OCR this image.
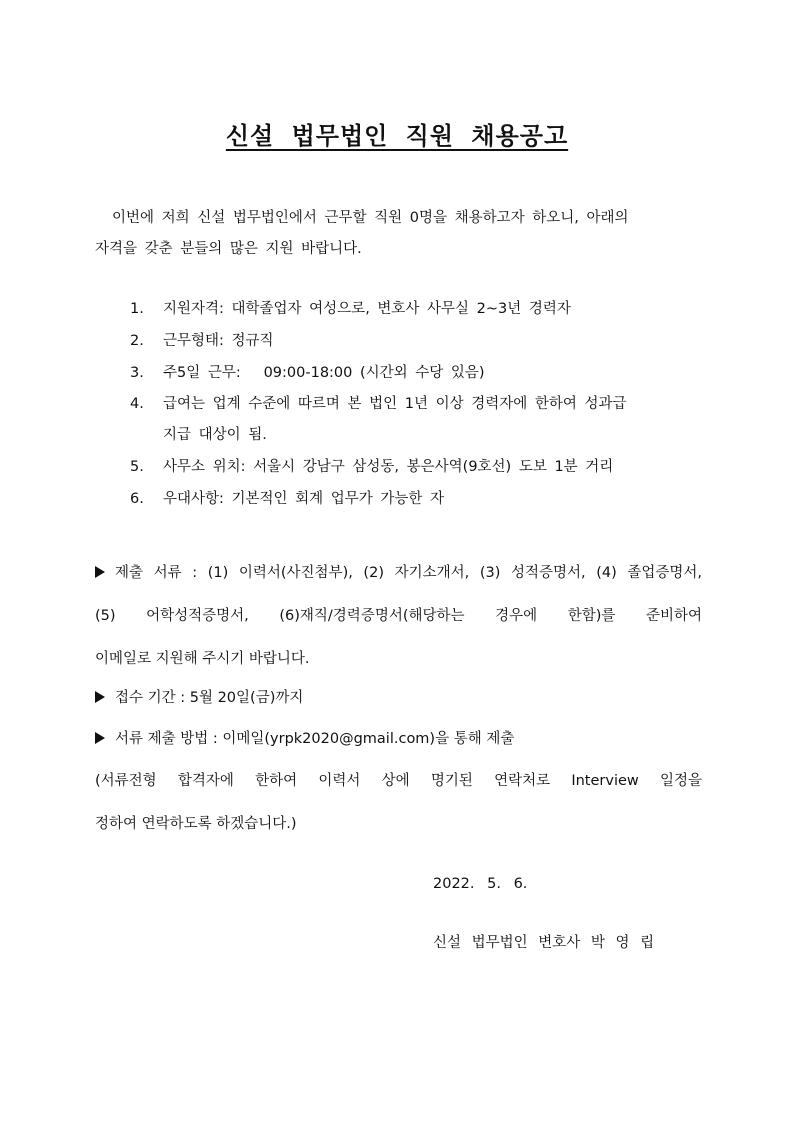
신설 법무법인 직원 채용공고
이번에 저희 신설 법무법인에서 근무할 직원 0명을 채용하고자 하오니, 아래의
자격을 갖춘 분들의 많은 지원 바랍니다.
1.	지원자격: 대학졸업자 여성으로, 변호사 사무실 2~3년 경력자
2.	근무형태: 정규직
3.	주5일 근무:   09:00-18:00 (시간외 수당 있음)
4.	급여는 업계 수준에 따르며 본 법인 1년 이상 경력자에 한하여 성과급
지급 대상이 됨.
5.	사무소 위치: 서울시 강남구 삼성동, 봉은사역(9호선) 도보 1분 거리
6.	우대사항: 기본적인 회계 업무가 가능한 자
제출 서류 : (1) 이력서(사진첨부), (2) 자기소개서, (3) 성적증명서, (4) 졸업증명서,
(5) 어학성적증명서, (6)재직/경력증명서(해당하는 경우에 한함)를 준비하여
이메일로 지원해 주시기 바랍니다.
접수 기간 : 5월 20일(금)까지
서류 제출 방법 : 이메일(yrpk2020@gmail.com)을 통해 제출
(서류전형 합격자에 한하여 이력서 상에 명기된 연락처로 Interview 일정을
정하여 연락하도록 하겠습니다.)
2022. 5. 6.
신설 법무법인 변호사 박 영 립
